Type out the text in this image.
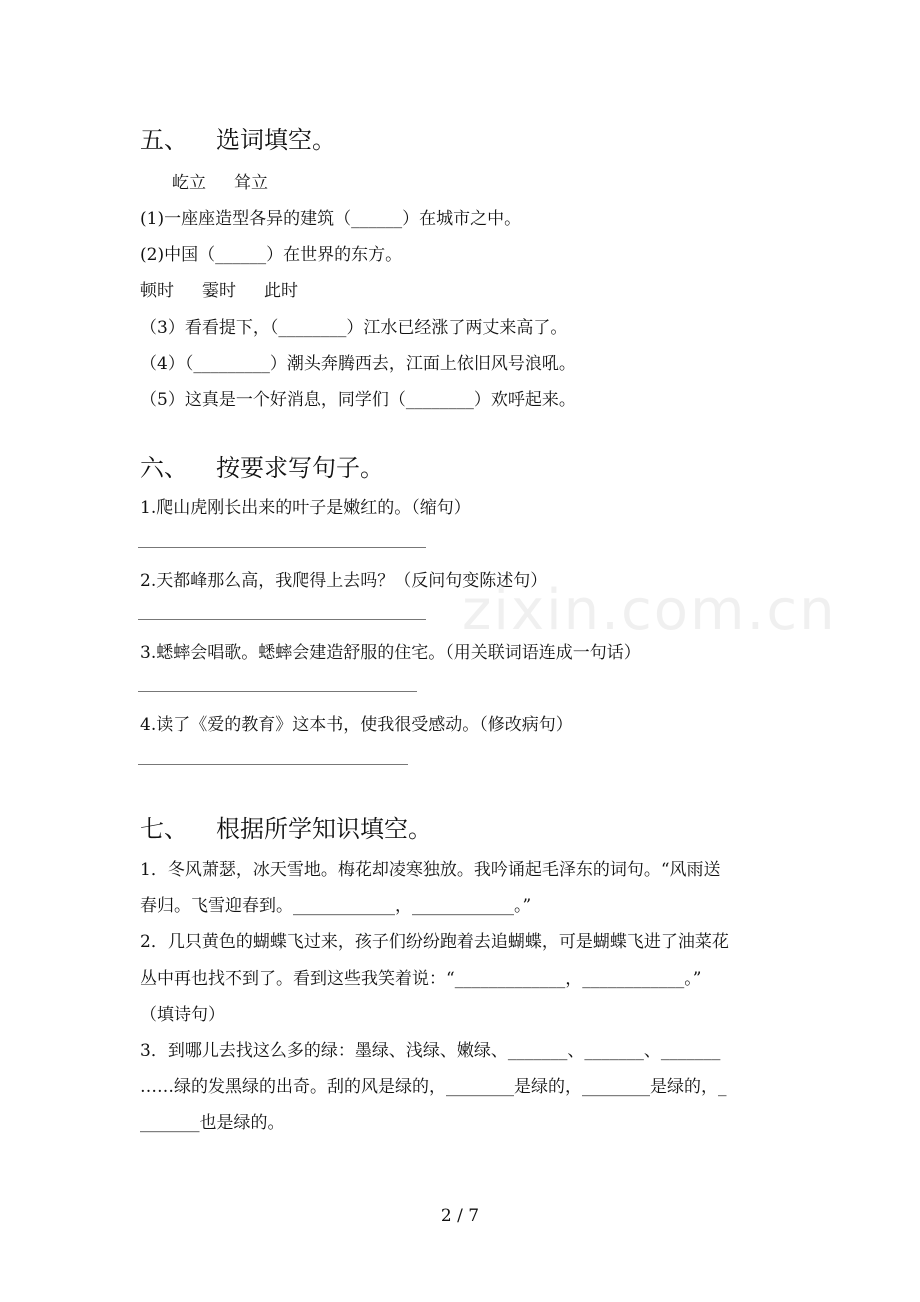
zixin.com.cn
五、 选词填空。
屹立 耸立
(1)一座座造型各异的建筑（______）在城市之中。
(2)中国（______）在世界的东方。
顿时 霎时 此时
（3）看看提下，（________）江水已经涨了两丈来高了。
（4）（_________）潮头奔腾西去，江面上依旧风号浪吼。
（5）这真是一个好消息，同学们（________）欢呼起来。
六、 按要求写句子。
1.爬山虎刚长出来的叶子是嫩红的。（缩句）
2.天都峰那么高，我爬得上去吗？（反问句变陈述句）
3.蟋蟀会唱歌。蟋蟀会建造舒服的住宅。（用关联词语连成一句话）
4.读了《爱的教育》这本书，使我很受感动。（修改病句）
七、 根据所学知识填空。
1．冬风萧瑟，冰天雪地。梅花却凌寒独放。我吟诵起毛泽东的词句。“风雨送
春归。飞雪迎春到。____________，____________。”
2．几只黄色的蝴蝶飞过来，孩子们纷纷跑着去追蝴蝶，可是蝴蝶飞进了油菜花
丛中再也找不到了。看到这些我笑着说：“_____________，____________。”
（填诗句）
3．到哪儿去找这么多的绿：墨绿、浅绿、嫩绿、_______、_______、_______
……绿的发黑绿的出奇。刮的风是绿的，________是绿的，________是绿的，_
_______也是绿的。
2 / 7
